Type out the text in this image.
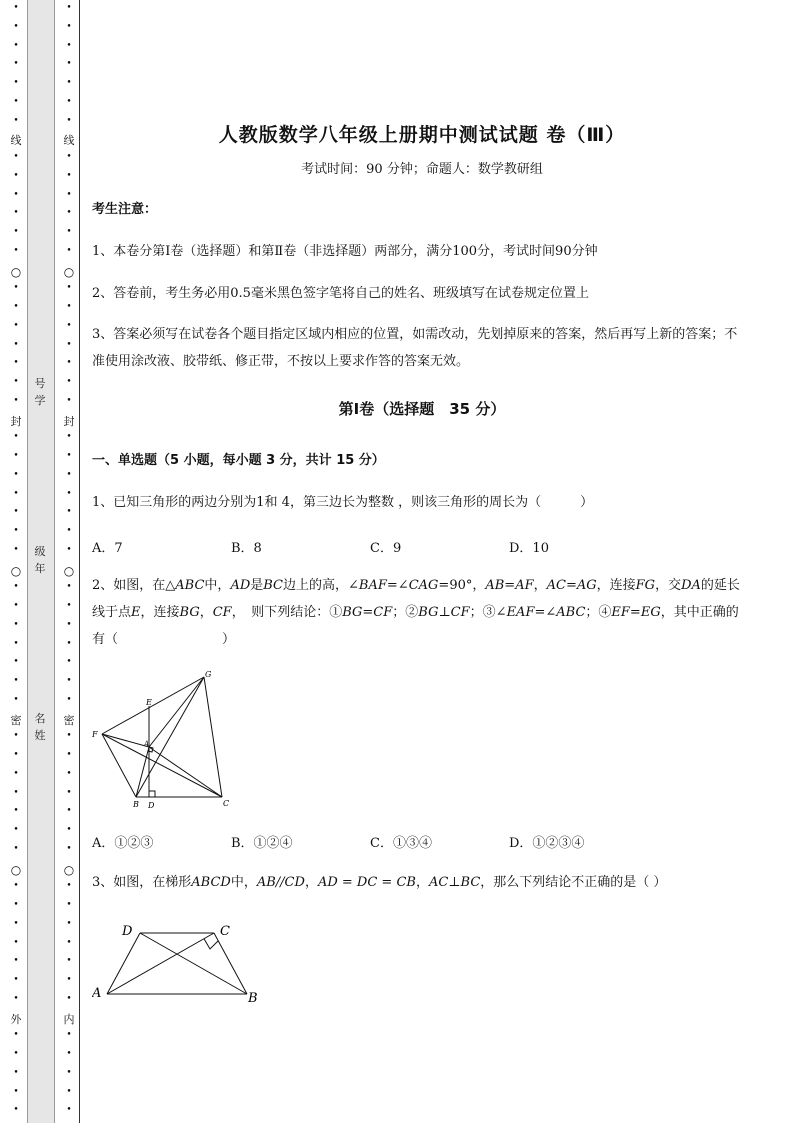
•
•
•
•
•
•
•
线
•
•
•
•
•
•
○
•
•
•
•
•
•
•
封
•
•
•
•
•
•
•
○
•
•
•
•
•
•
•
密
•
•
•
•
•
•
•
○
•
•
•
•
•
•
•
外
•
•
•
•
•
•
•
•
•
•
•
•
线
•
•
•
•
•
•
○
•
•
•
•
•
•
•
封
•
•
•
•
•
•
•
○
•
•
•
•
•
•
•
密
•
•
•
•
•
•
•
○
•
•
•
•
•
•
•
内
•
•
•
•
•
号
学
级
年
名
姓
人教版数学八年级上册期中测试试题 卷（Ⅲ）
考试时间：90 分钟；命题人：数学教研组
考生注意：
1、本卷分第Ⅰ卷（选择题）和第Ⅱ卷（非选择题）两部分，满分100分，考试时间90分钟
2、答卷前，考生务必用0.5毫米黑色签字笔将自己的姓名、班级填写在试卷规定位置上
3、答案必须写在试卷各个题目指定区域内相应的位置，如需改动，先划掉原来的答案，然后再写上新的答案；不准使用涂改液、胶带纸、修正带，不按以上要求作答的答案无效。
第Ⅰ卷（选择题　35 分）
一、单选题（5 小题，每小题 3 分，共计 15 分）
1、已知三角形的两边分别为1和 4，第三边长为整数 ，则该三角形的周长为（　　　）
A．7	B．8	C．9	D．10
2、如图，在△ABC中，AD是BC边上的高，∠BAF=∠CAG=90°，AB=AF，AC=AG，连接FG，交DA的延长线于点E，连接BG，CF，　则下列结论：①BG=CF；②BG⊥CF；③∠EAF=∠ABC；④EF=EG，其中正确的有（　　　　　　　　）
G
E
F
A
B D	C
A．①②③	B．①②④	C．①③④	D．①②③④
3、如图，在梯形ABCD中，AB//CD，AD = DC = CB，AC⊥BC，那么下列结论不正确的是（ ）
D	C
A	B
